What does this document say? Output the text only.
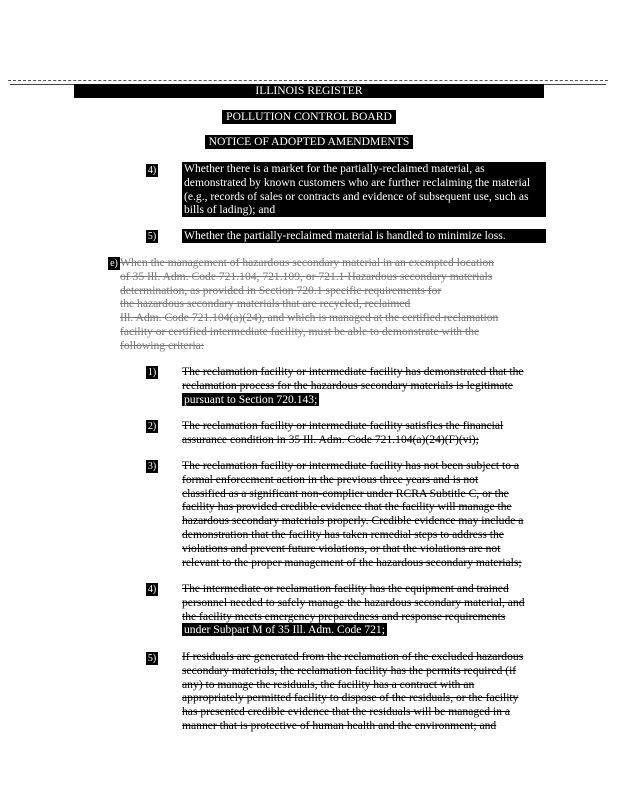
ILLINOIS REGISTER
POLLUTION CONTROL BOARD
NOTICE OF ADOPTED AMENDMENTS
4) Whether there is a market for the partially-reclaimed material, as
demonstrated by known customers who are further reclaiming the material
(e.g., records of sales or contracts and evidence of subsequent use, such as
bills of lading); and
5) Whether the partially-reclaimed material is handled to minimize loss.
e) When the management of hazardous secondary material in an exempted location
of 35 Ill. Adm. Code 721.104, 721.109, or 721.1 Hazardous secondary materials
determination, as provided in Section 720.1 specific requirements for
the hazardous secondary materials that are recycled, reclaimed
Ill. Adm. Code 721.104(a)(24), and which is managed at the certified reclamation
facility or certified intermediate facility, must be able to demonstrate with the
following criteria:
1) The reclamation facility or intermediate facility has demonstrated that the
reclamation process for the hazardous secondary materials is legitimate
pursuant to Section 720.143;
2) The reclamation facility or intermediate facility satisfies the financial
assurance condition in 35 Ill. Adm. Code 721.104(a)(24)(F)(vi);
3) The reclamation facility or intermediate facility has not been subject to a
formal enforcement action in the previous three years and is not
classified as a significant non-complier under RCRA Subtitle C, or the
facility has provided credible evidence that the facility will manage the
hazardous secondary materials properly. Credible evidence may include a
demonstration that the facility has taken remedial steps to address the
violations and prevent future violations, or that the violations are not
relevant to the proper management of the hazardous secondary materials;
4) The intermediate or reclamation facility has the equipment and trained
personnel needed to safely manage the hazardous secondary material, and
the facility meets emergency preparedness and response requirements
under Subpart M of 35 Ill. Adm. Code 721;
5) If residuals are generated from the reclamation of the excluded hazardous
secondary materials, the reclamation facility has the permits required (if
any) to manage the residuals, the facility has a contract with an
appropriately permitted facility to dispose of the residuals, or the facility
has presented credible evidence that the residuals will be managed in a
manner that is protective of human health and the environment; and
